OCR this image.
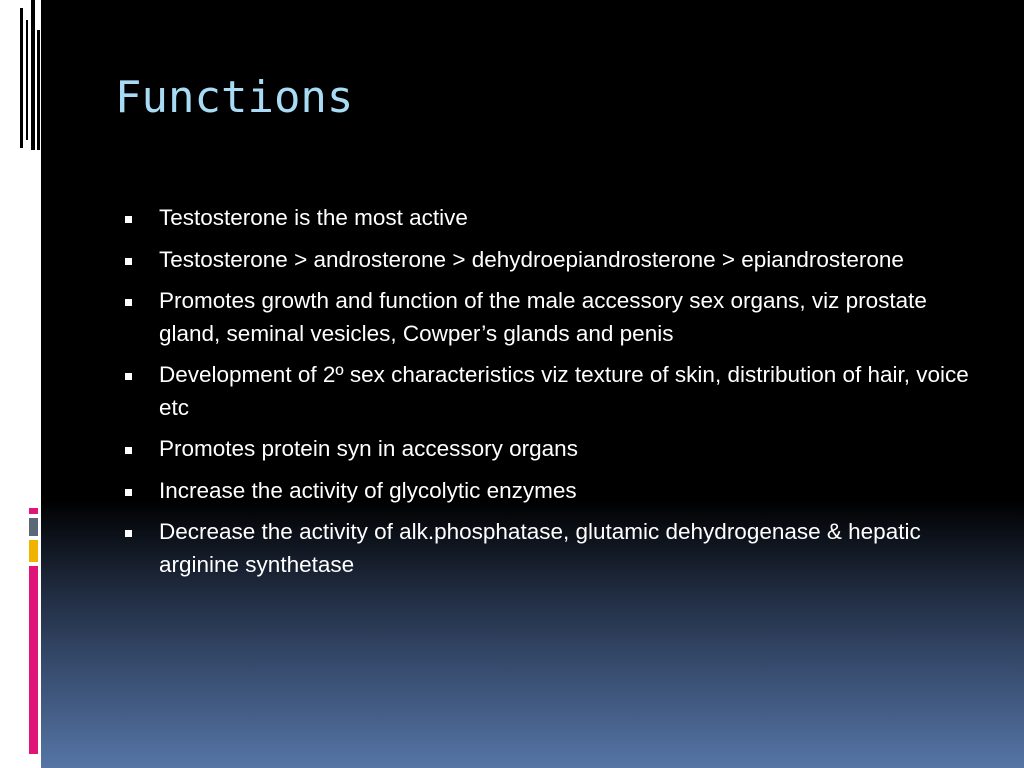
Functions
Testosterone is the most active
Testosterone > androsterone > dehydroepiandrosterone > epiandrosterone
Promotes growth and function of the male accessory sex organs, viz prostate gland, seminal vesicles, Cowper’s glands and penis
Development of 2º sex characteristics viz texture of skin, distribution of hair, voice etc
Promotes protein syn in accessory organs
Increase the activity of glycolytic enzymes
Decrease the activity of alk.phosphatase, glutamic dehydrogenase & hepatic arginine synthetase
